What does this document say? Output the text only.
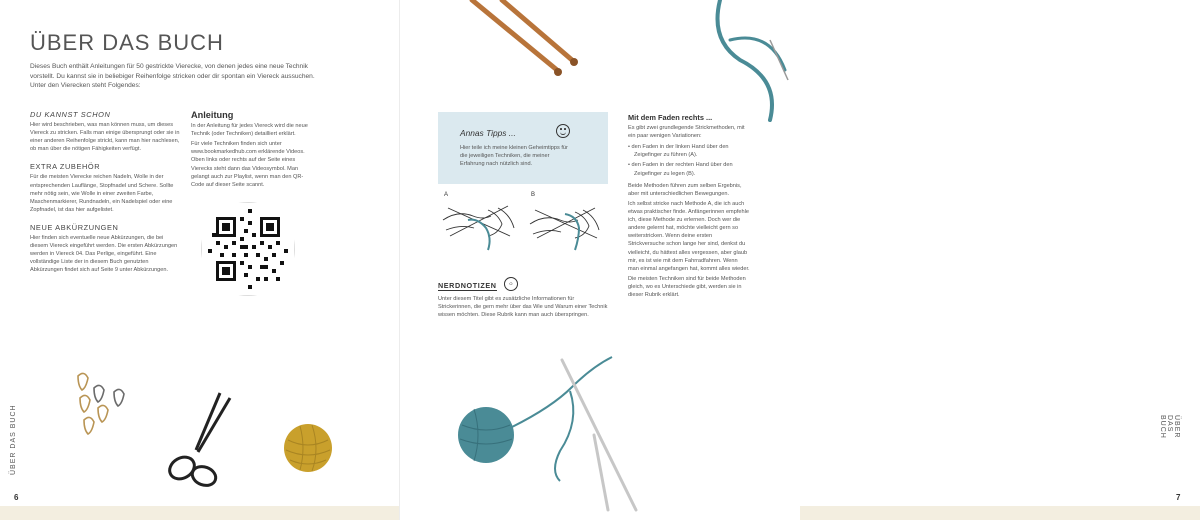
ÜBER DAS BUCH
Dieses Buch enthält Anleitungen für 50 gestrickte Vierecke, von denen jedes eine neue Technik vorstellt. Du kannst sie in beliebiger Reihenfolge stricken oder dir spontan ein Viereck aussuchen. Unter den Vierecken steht Folgendes:
DU KANNST SCHON

Hier wird beschrieben, was man können muss, um dieses Viereck zu stricken. Falls man einige übersprungt oder sie in einer anderen Reihenfolge strickt, kann man hier nachlesen, ob man über die nötigen Fähigkeiten verfügt.

EXTRA ZUBEHÖR

Für die meisten Vierecke reichen Nadeln, Wolle in der entsprechenden Lauflänge, Stopfnadel und Schere. Sollte mehr nötig sein, wie Wolle in einer zweiten Farbe, Maschenmarkierer, Rundnadeln, ein Nadelspiel oder eine Zopfnadel, ist das hier aufgelistet.

NEUE ABKÜRZUNGEN

Hier finden sich eventuelle neue Abkürzungen, die bei diesem Viereck eingeführt werden. Die ersten Abkürzungen werden in Viereck 04. Das Perlige, eingeführt. Eine vollständige Liste der in diesem Buch genutzten Abkürzungen findet sich auf Seite 9 unter Abkürzungen.

Anleitung

In der Anleitung für jedes Viereck wird die neue Technik (oder Techniken) detailliert erklärt.

Für viele Techniken finden sich unter www.bookmarkedhub.com erklärende Videos. Oben links oder rechts auf der Seite eines Vierecks steht dann das Videosymbol. Man gelangt auch zur Playlist, wenn man den QR-Code auf dieser Seite scannt.

ÜBER DAS BUCH
6
Annas Tipps ...
Hier teile ich meine kleinen Geheimtipps für die jeweiligen Techniken, die meiner Erfahrung nach nützlich sind.
A	B
NERDNOTIZEN	O

Unter diesem Titel gibt es zusätzliche Informationen für Strickerinnen, die gern mehr über das Wie und Warum einer Technik wissen möchten. Diese Rubrik kann man auch überspringen.

Mit dem Faden rechts ...

Es gibt zwei grundlegende Strickmethoden, mit ein paar wenigen Variationen:

• den Faden in der linken Hand über den Zeigefinger zu führen (A).
• den Faden in der rechten Hand über den Zeigefinger zu legen (B).

Beide Methoden führen zum selben Ergebnis, aber mit unterschiedlichen Bewegungen.

Ich selbst stricke nach Methode A, die ich auch etwas praktischer finde. Anfängerinnen empfehle ich, diese Methode zu erlernen. Doch wer die andere gelernt hat, möchte vielleicht gern so weiterstricken. Wenn deine ersten Strickversuche schon lange her sind, denkst du vielleicht, du hättest alles vergessen, aber glaub mir, es ist wie mit dem Fahrradfahren. Wenn man einmal angefangen hat, kommt alles wieder.

Die meisten Techniken sind für beide Methoden gleich, wo es Unterschiede gibt, werden sie in dieser Rubrik erklärt.

ÜBER DAS BUCH
7
